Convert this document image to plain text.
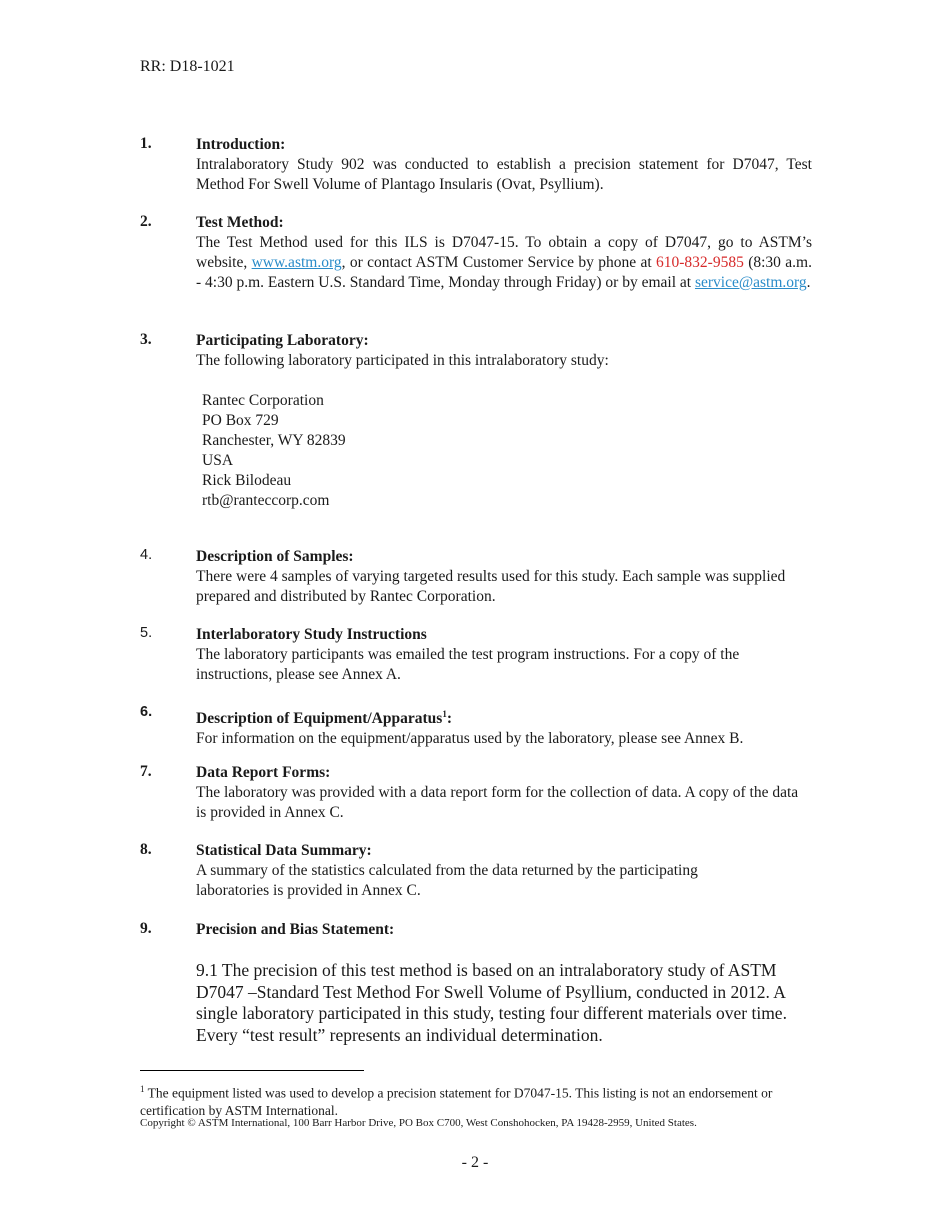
RR: D18-1021
1.	Introduction:
Intralaboratory Study 902 was conducted to establish a precision statement for D7047, Test Method For Swell Volume of Plantago Insularis (Ovat, Psyllium).
2.	Test Method:
The Test Method used for this ILS is D7047-15. To obtain a copy of D7047, go to ASTM’s website, www.astm.org, or contact ASTM Customer Service by phone at 610-832-9585 (8:30 a.m. - 4:30 p.m. Eastern U.S. Standard Time, Monday through Friday) or by email at service@astm.org.
3.	Participating Laboratory:
The following laboratory participated in this intralaboratory study:
Rantec Corporation
PO Box 729
Ranchester, WY 82839
USA
Rick Bilodeau
rtb@ranteccorp.com
4.	Description of Samples:
There were 4 samples of varying targeted results used for this study. Each sample was supplied prepared and distributed by Rantec Corporation.
5.	Interlaboratory Study Instructions
The laboratory participants was emailed the test program instructions. For a copy of the instructions, please see Annex A.
6.	Description of Equipment/Apparatus$^1$:
For information on the equipment/apparatus used by the laboratory, please see Annex B.
7.	Data Report Forms:
The laboratory was provided with a data report form for the collection of data. A copy of the data is provided in Annex C.
8.	Statistical Data Summary:
A summary of the statistics calculated from the data returned by the participating laboratories is provided in Annex C.
9.	Precision and Bias Statement:
9.1 The precision of this test method is based on an intralaboratory study of ASTM D7047 –Standard Test Method For Swell Volume of Psyllium, conducted in 2012. A single laboratory participated in this study, testing four different materials over time. Every “test result” represents an individual determination.
$^1$ The equipment listed was used to develop a precision statement for D7047-15. This listing is not an endorsement or certification by ASTM International.
Copyright © ASTM International, 100 Barr Harbor Drive, PO Box C700, West Conshohocken, PA 19428-2959, United States.
- 2 -
